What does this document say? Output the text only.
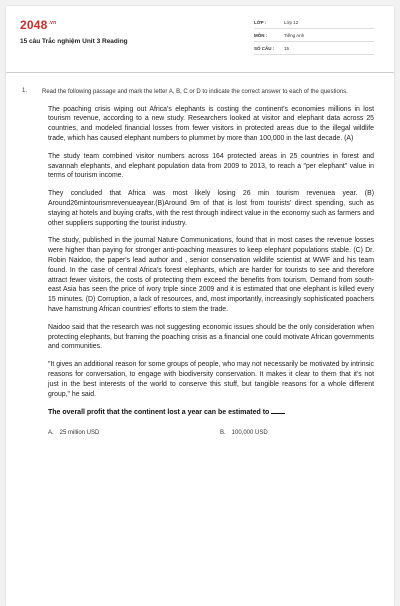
$2048^{.vn}$
15 câu Trắc nghiệm Unit 3 Reading
LỚP :	Lớp 12
MÔN :	Tiếng Anh
SỐ CÂU :	15
1. Read the following passage and mark the letter A, B, C or D to indicate the correct answer to each of the questions.

The poaching crisis wiping out Africa's elephants is costing the continent's economies millions in lost tourism revenue, according to a new study. Researchers looked at visitor and elephant data across 25 countries, and modeled financial losses from fewer visitors in protected areas due to the illegal wildlife trade, which has caused elephant numbers to plummet by more than 100,000 in the last decade. (A)

The study team combined visitor numbers across 164 protected areas in 25 countries in forest and savannah elephants, and elephant population data from 2009 to 2013, to reach a "per elephant" value in terms of tourism income.

They concluded that Africa was most likely losing 26 min tourism revenuea year. (B) Around26mintourismrevenueayear.(B)Around 9m of that is lost from tourists' direct spending, such as staying at hotels and buying crafts, with the rest through indirect value in the economy such as farmers and other suppliers supporting the tourist industry.

The study, published in the journal Nature Communications, found that in most cases the revenue losses were higher than paying for stronger anti-poaching measures to keep elephant populations stable. (C) Dr. Robin Naidoo, the paper's lead author and , senior conservation wildlife scientist at WWF and his team found. In the case of central Africa's forest elephants, which are harder for tourists to see and therefore attract fewer visitors, the costs of protecting them exceed the benefits from tourism. Demand from south-east Asia has seen the price of ivory triple since 2009 and it is estimated that one elephant is killed every 15 minutes. (D) Corruption, a lack of resources, and, most importantly, increasingly sophisticated poachers have hamstrung African countries' efforts to stem the trade.

Naidoo said that the research was not suggesting economic issues should be the only consideration when protecting elephants, but framing the poaching crisis as a financial one could motivate African governments and communities.

"It gives an additional reason for some groups of people, who may not necessarily be motivated by intrinsic reasons for conversation, to engage with biodiversity conservation. It makes it clear to them that it's not just in the best interests of the world to conserve this stuff, but tangible reasons for a whole different group," he said.

The overall profit that the continent lost a year can be estimated to
A. 25 million USD	B. 100,000 USD
